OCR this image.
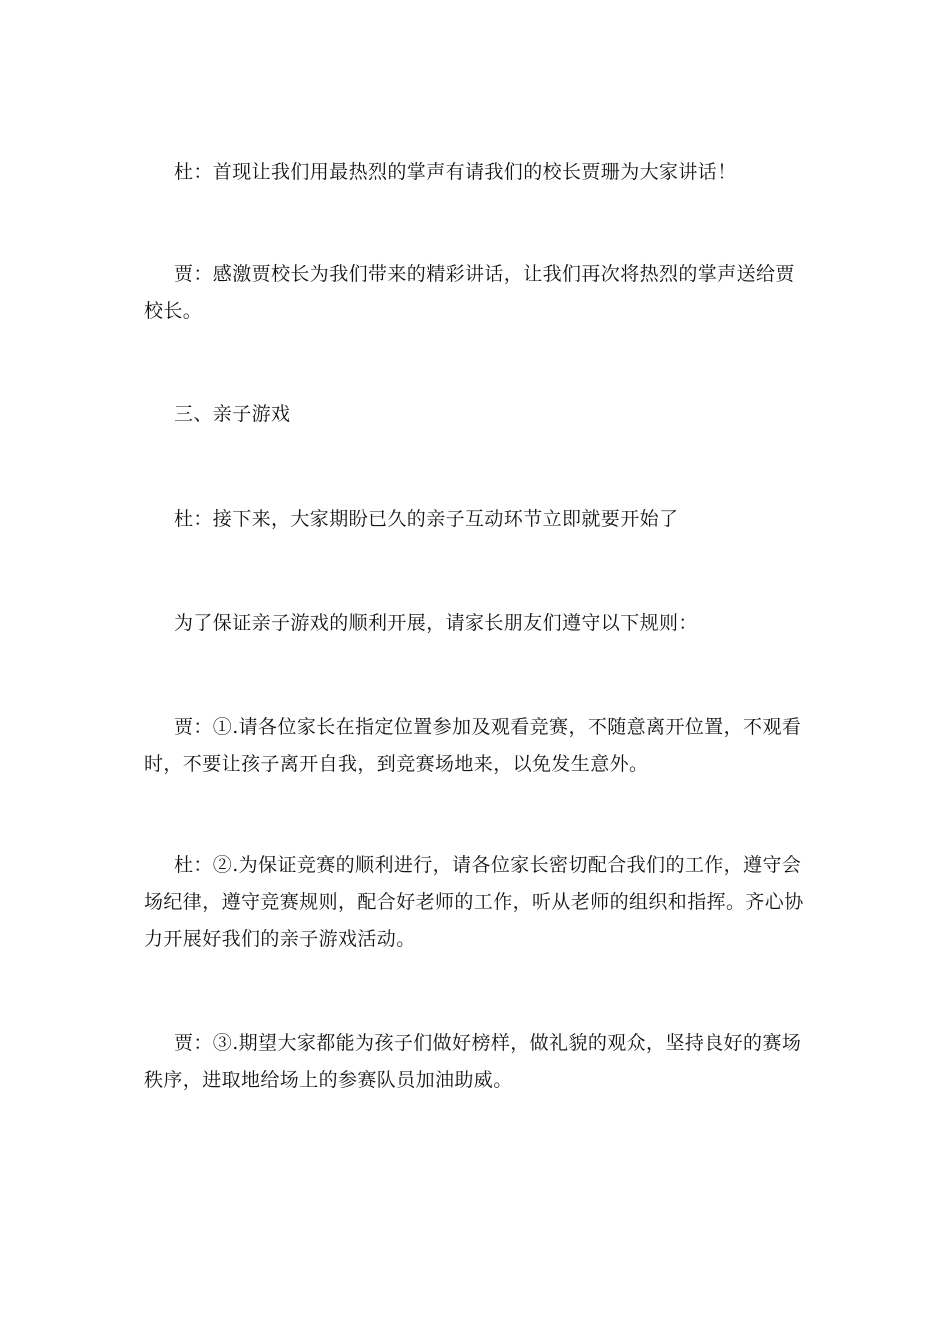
杜：首现让我们用最热烈的掌声有请我们的校长贾珊为大家讲话！

贾：感激贾校长为我们带来的精彩讲话，让我们再次将热烈的掌声送给贾校长。

三、亲子游戏

杜：接下来，大家期盼已久的亲子互动环节立即就要开始了

为了保证亲子游戏的顺利开展，请家长朋友们遵守以下规则：

贾：①.请各位家长在指定位置参加及观看竞赛，不随意离开位置，不观看时，不要让孩子离开自我，到竞赛场地来，以免发生意外。

杜：②.为保证竞赛的顺利进行，请各位家长密切配合我们的工作，遵守会场纪律，遵守竞赛规则，配合好老师的工作，听从老师的组织和指挥。齐心协力开展好我们的亲子游戏活动。

贾：③.期望大家都能为孩子们做好榜样，做礼貌的观众，坚持良好的赛场秩序，进取地给场上的参赛队员加油助威。
